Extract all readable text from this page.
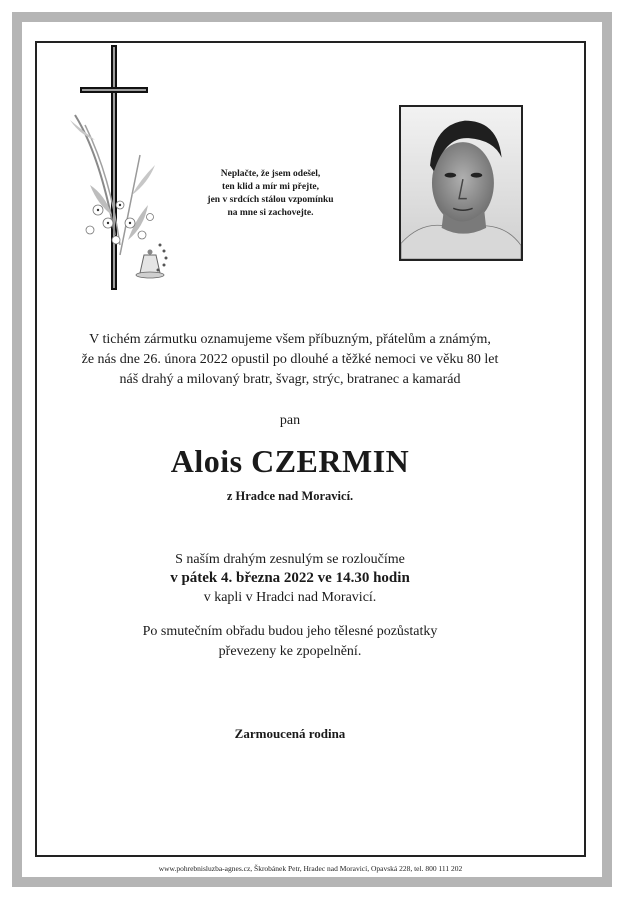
Neplačte, že jsem odešel,
ten klid a mír mi přejte,
jen v srdcích stálou vzpomínku
na mne si zachovejte.
V tichém zármutku oznamujeme všem příbuzným, přátelům a známým,
že nás dne 26. února 2022 opustil po dlouhé a těžké nemoci ve věku 80 let
náš drahý a milovaný bratr, švagr, strýc, bratranec a kamarád
pan
Alois CZERMIN
z Hradce nad Moravicí.
S naším drahým zesnulým se rozloučíme
v pátek 4. března 2022 ve 14.30 hodin
v kapli v Hradci nad Moravicí.
Po smutečním obřadu budou jeho tělesné pozůstatky
převezeny ke zpopelnění.
Zarmoucená rodina
www.pohrebnisluzba-agnes.cz, Škrobánek Petr, Hradec nad Moravicí, Opavská 228, tel. 800 111 202
